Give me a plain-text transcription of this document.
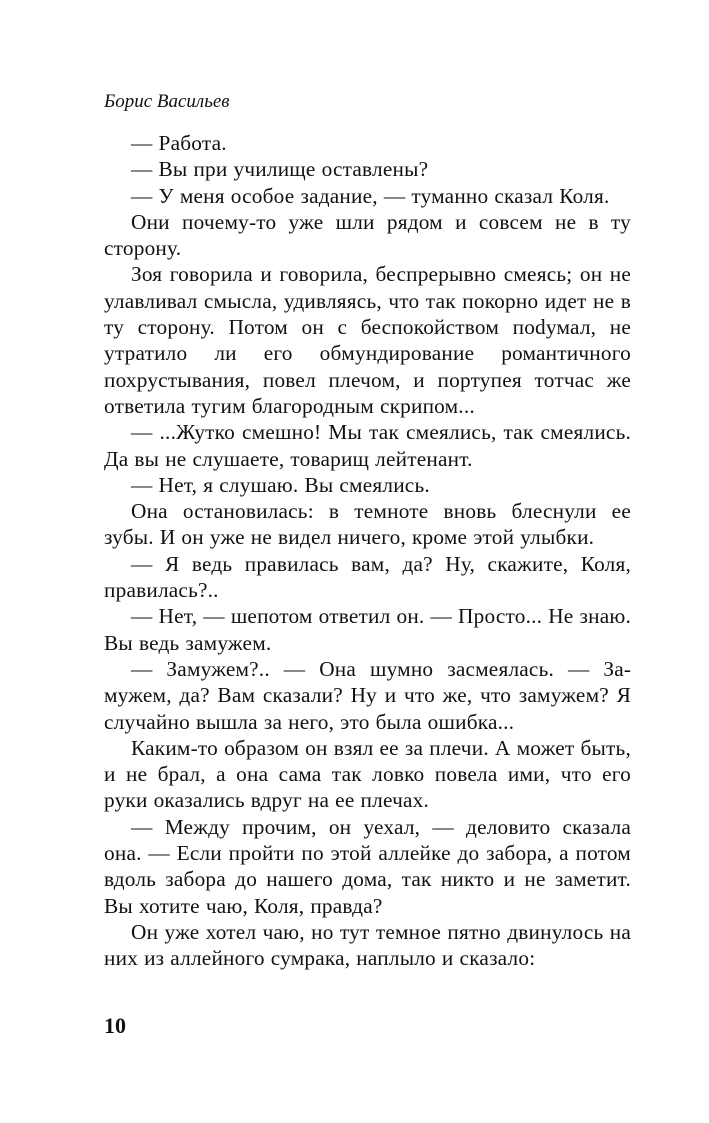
Борис Васильев

— Работа.

— Вы при училище оставлены?

— У меня особое задание, — туманно сказал Коля.

Они почему-то уже шли рядом и совсем не в ту сторону.

Зоя говорила и говорила, беспрерывно смеясь; он не улавливал смысла, удивляясь, что так покорно идет не в ту сторону. Потом он с беспокойством поdумал, не утратило ли его обмундирование романтичного похрустывания, повел плечом, и портупея тотчас же ответила тугим благородным скрипом...

— ...Жутко смешно! Мы так смеялись, так смеялись. Да вы не слушаете, товарищ лейтенант.

— Нет, я слушаю. Вы смеялись.

Она остановилась: в темноте вновь блеснули ее зубы. И он уже не видел ничего, кроме этой улыбки.

— Я ведь правилась вам, да? Ну, скажите, Коля, правилась?..

— Нет, — шепотом ответил он. — Просто... Не знаю. Вы ведь замужем.

— Замужем?.. — Она шумно засмеялась. — Замужем, да? Вам сказали? Ну и что же, что замужем? Я случайно вышла за него, это была ошибка...

Каким-то образом он взял ее за плечи. А может быть, и не брал, а она сама так ловко повела ими, что его руки оказались вдруг на ее плечах.

— Между прочим, он уехал, — деловито сказала она. — Если пройти по этой аллейке до забора, а потом вдоль забора до нашего дома, так никто и не заметит. Вы хотите чаю, Коля, правда?

Он уже хотел чаю, но тут темное пятно двинулось на них из аллейного сумрака, наплыло и сказало:

10
